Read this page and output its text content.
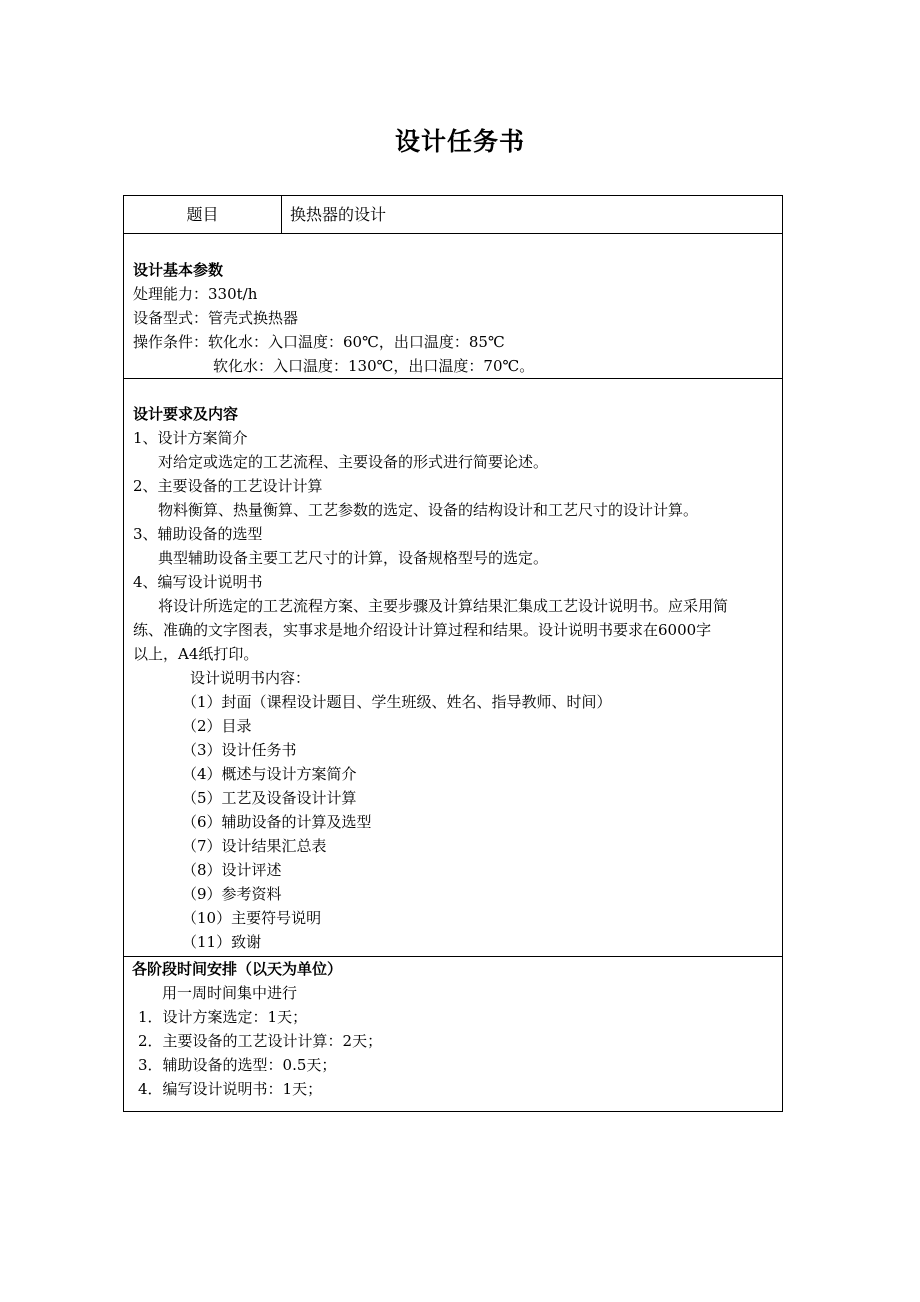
设计任务书
题目	换热器的设计
设计基本参数
处理能力：330t/h
设备型式：管壳式换热器
操作条件：软化水：入口温度：60℃，出口温度：85℃
软化水：入口温度：130℃，出口温度：70℃。
设计要求及内容
1、设计方案简介
对给定或选定的工艺流程、主要设备的形式进行简要论述。
2、主要设备的工艺设计计算
物料衡算、热量衡算、工艺参数的选定、设备的结构设计和工艺尺寸的设计计算。
3、辅助设备的选型
典型辅助设备主要工艺尺寸的计算，设备规格型号的选定。
4、编写设计说明书
将设计所选定的工艺流程方案、主要步骤及计算结果汇集成工艺设计说明书。应采用简
练、准确的文字图表，实事求是地介绍设计计算过程和结果。设计说明书要求在6000字
以上，A4纸打印。
设计说明书内容：
（1）封面（课程设计题目、学生班级、姓名、指导教师、时间）
（2）目录
（3）设计任务书
（4）概述与设计方案简介
（5）工艺及设备设计计算
（6）辅助设备的计算及选型
（7）设计结果汇总表
（8）设计评述
（9）参考资料
（10）主要符号说明
（11）致谢
各阶段时间安排（以天为单位）
用一周时间集中进行
1．设计方案选定：1天；
2．主要设备的工艺设计计算：2天；
3．辅助设备的选型：0.5天；
4．编写设计说明书：1天；
